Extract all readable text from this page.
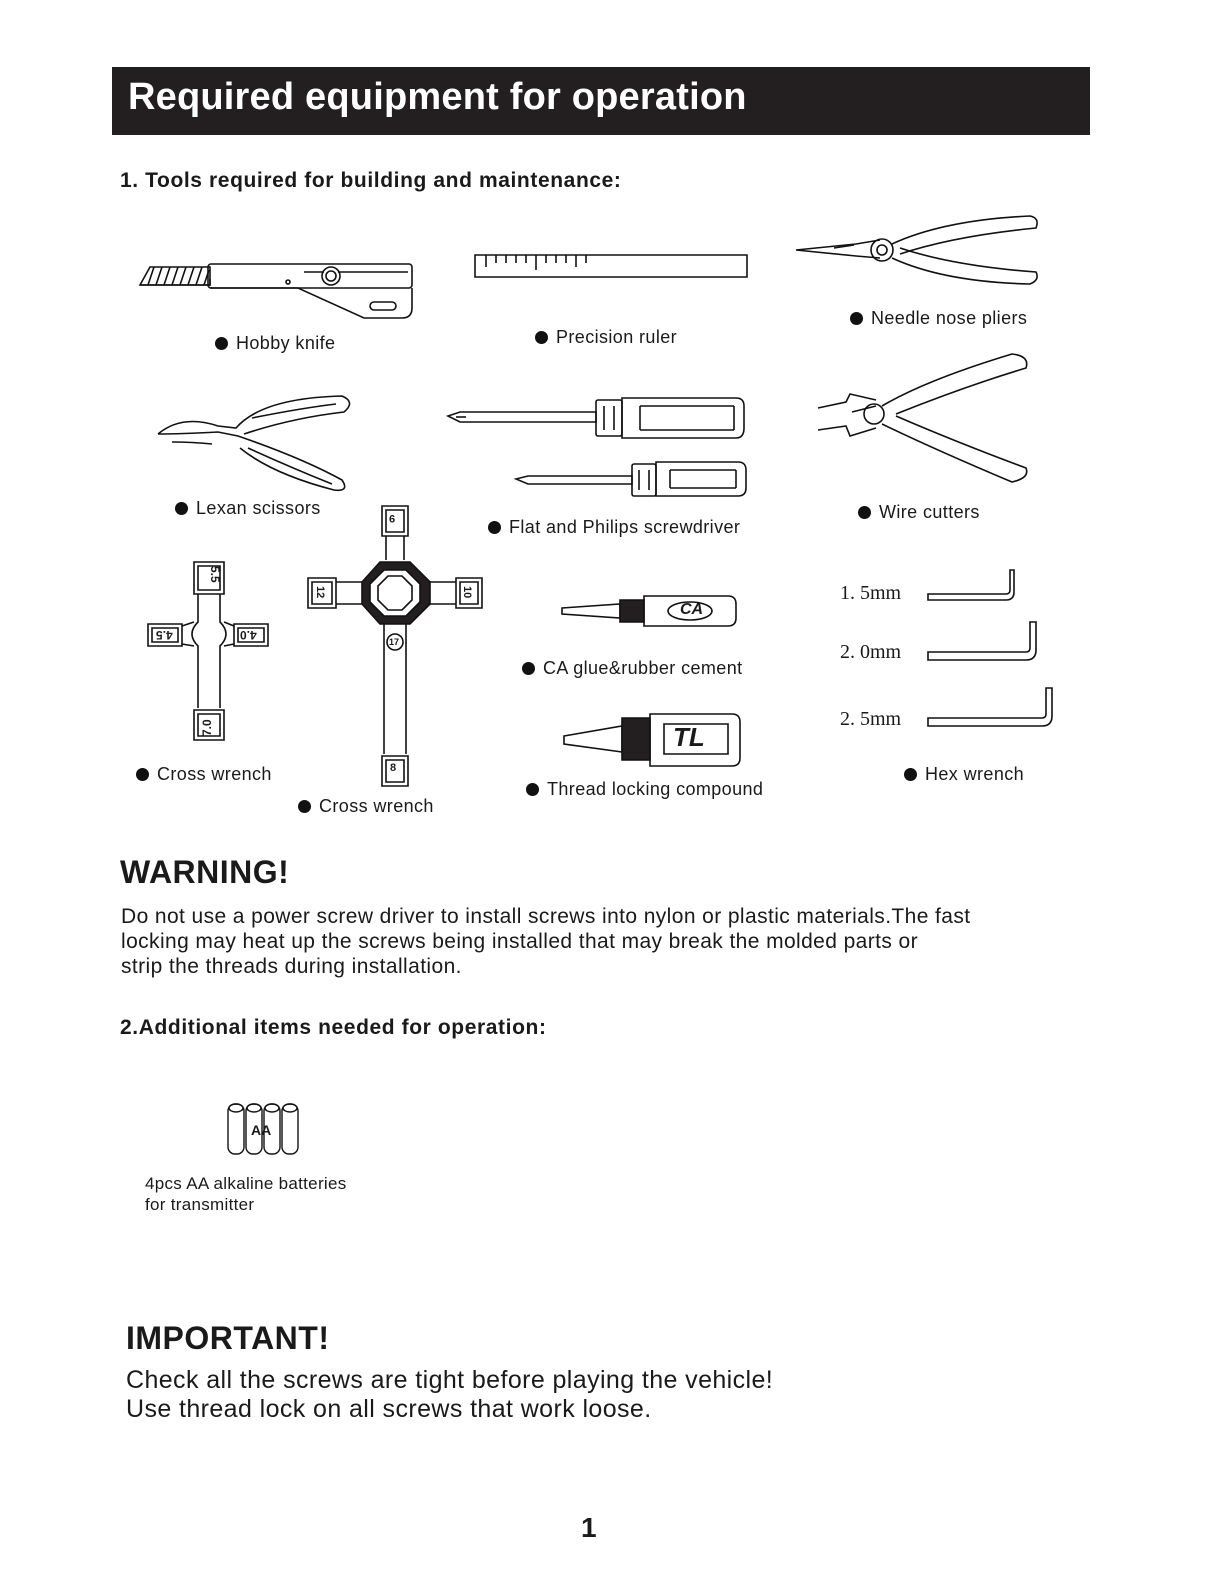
Required equipment for operation
1. Tools required for building and maintenance:
Hobby knife	Precision ruler
Needle nose pliers
Lexan scissors
Flat and Philips screwdriver
Wire cutters
5.5
4.5	4.0
7.0
Cross wrench
9
12	10
8
17
Cross wrench
CA
CA glue&rubber cement
TL
Thread locking compound
1. 5mm
2. 0mm
2. 5mm
Hex wrench
WARNING!
Do not use a power screw driver to install screws into nylon or plastic materials.The fast
locking may heat up the screws being installed that may break the molded parts or
strip the threads during installation.
2.Additional items needed for operation:
AA
4pcs AA alkaline batteries
for transmitter
IMPORTANT!
Check all the screws are tight before playing the vehicle!
Use thread lock on all screws that work loose.
1
